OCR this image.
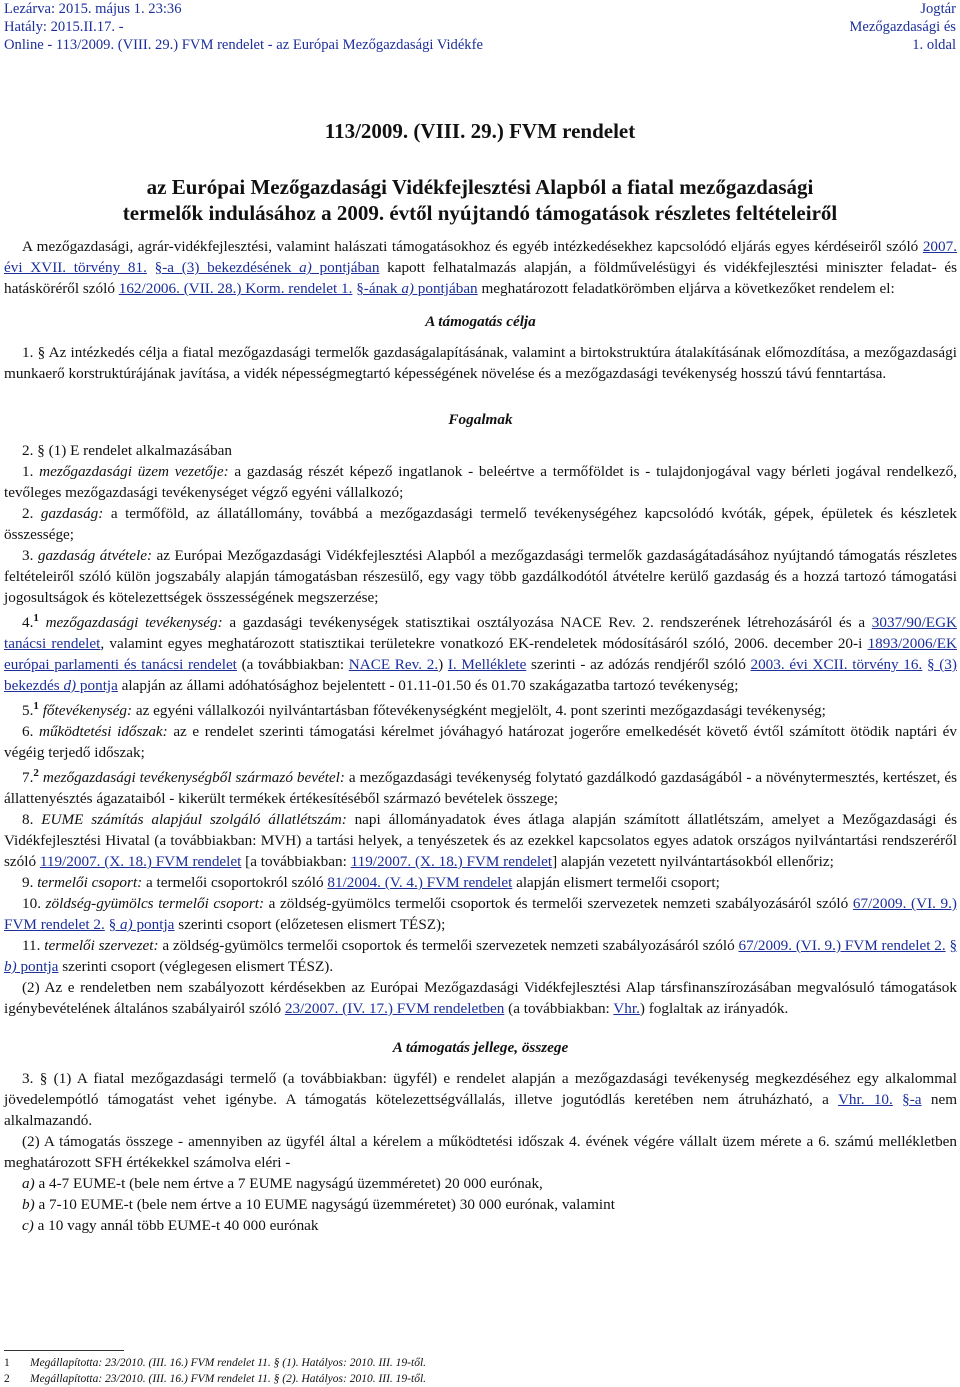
Lezárva: 2015. május 1. 23:36
Hatály: 2015.II.17. -
Online - 113/2009. (VIII. 29.) FVM rendelet - az Európai Mezőgazdasági Vidékfe
Jogtár
Mezőgazdasági és
1. oldal
113/2009. (VIII. 29.) FVM rendelet
az Európai Mezőgazdasági Vidékfejlesztési Alapból a fiatal mezőgazdasági termelők indulásához a 2009. évtől nyújtandó támogatások részletes feltételeiről

A mezőgazdasági, agrár-vidékfejlesztési, valamint halászati támogatásokhoz és egyéb intézkedésekhez kapcsolódó eljárás egyes kérdéseiről szóló 2007. évi XVII. törvény 81. §-a (3) bekezdésének a) pontjában kapott felhatalmazás alapján, a földművelésügyi és vidékfejlesztési miniszter feladat- és hatásköréről szóló 162/2006. (VII. 28.) Korm. rendelet 1. §-ának a) pontjában meghatározott feladatkörömben eljárva a következőket rendelem el:

A támogatás célja

1. § Az intézkedés célja a fiatal mezőgazdasági termelők gazdaságalapításának, valamint a birtokstruktúra átalakításának előmozdítása, a mezőgazdasági munkaerő korstruktúrájának javítása, a vidék népességmegtartó képességének növelése és a mezőgazdasági tevékenység hosszú távú fenntartása.

Fogalmak

2. § (1) E rendelet alkalmazásában

1. mezőgazdasági üzem vezetője: a gazdaság részét képező ingatlanok - beleértve a termőföldet is - tulajdonjogával vagy bérleti jogával rendelkező, tevőleges mezőgazdasági tevékenységet végző egyéni vállalkozó;

2. gazdaság: a termőföld, az állatállomány, továbbá a mezőgazdasági termelő tevékenységéhez kapcsolódó kvóták, gépek, épületek és készletek összessége;

3. gazdaság átvétele: az Európai Mezőgazdasági Vidékfejlesztési Alapból a mezőgazdasági termelők gazdaságátadásához nyújtandó támogatás részletes feltételeiről szóló külön jogszabály alapján támogatásban részesülő, egy vagy több gazdálkodótól átvételre kerülő gazdaság és a hozzá tartozó támogatási jogosultságok és kötelezettségek összességének megszerzése;

4.$^1$ mezőgazdasági tevékenység: a gazdasági tevékenységek statisztikai osztályozása NACE Rev. 2. rendszerének létrehozásáról és a 3037/90/EGK tanácsi rendelet, valamint egyes meghatározott statisztikai területekre vonatkozó EK-rendeletek módosításáról szóló, 2006. december 20-i 1893/2006/EK európai parlamenti és tanácsi rendelet (a továbbiakban: NACE Rev. 2.) I. Melléklete szerinti - az adózás rendjéről szóló 2003. évi XCII. törvény 16. § (3) bekezdés d) pontja alapján az állami adóhatósághoz bejelentett - 01.11-01.50 és 01.70 szakágazatba tartozó tevékenység;

5.$^1$ főtevékenység: az egyéni vállalkozói nyilvántartásban főtevékenységként megjelölt, 4. pont szerinti mezőgazdasági tevékenység;

6. működtetési időszak: az e rendelet szerinti támogatási kérelmet jóváhagyó határozat jogerőre emelkedését követő évtől számított ötödik naptári év végéig terjedő időszak;

7.$^2$ mezőgazdasági tevékenységből származó bevétel: a mezőgazdasági tevékenység folytató gazdálkodó gazdaságából - a növénytermesztés, kertészet, és állattenyésztés ágazataiból - kikerült termékek értékesítéséből származó bevételek összege;

8. EUME számítás alapjául szolgáló állatlétszám: napi állományadatok éves átlaga alapján számított állatlétszám, amelyet a Mezőgazdasági és Vidékfejlesztési Hivatal (a továbbiakban: MVH) a tartási helyek, a tenyészetek és az ezekkel kapcsolatos egyes adatok országos nyilvántartási rendszeréről szóló 119/2007. (X. 18.) FVM rendelet [a továbbiakban: 119/2007. (X. 18.) FVM rendelet] alapján vezetett nyilvántartásokból ellenőriz;

9. termelői csoport: a termelői csoportokról szóló 81/2004. (V. 4.) FVM rendelet alapján elismert termelői csoport;

10. zöldség-gyümölcs termelői csoport: a zöldség-gyümölcs termelői csoportok és termelői szervezetek nemzeti szabályozásáról szóló 67/2009. (VI. 9.) FVM rendelet 2. § a) pontja szerinti csoport (előzetesen elismert TÉSZ);

11. termelői szervezet: a zöldség-gyümölcs termelői csoportok és termelői szervezetek nemzeti szabályozásáról szóló 67/2009. (VI. 9.) FVM rendelet 2. § b) pontja szerinti csoport (véglegesen elismert TÉSZ).

(2) Az e rendeletben nem szabályozott kérdésekben az Európai Mezőgazdasági Vidékfejlesztési Alap társfinanszírozásában megvalósuló támogatások igénybevételének általános szabályairól szóló 23/2007. (IV. 17.) FVM rendeletben (a továbbiakban: Vhr.) foglaltak az irányadók.

A támogatás jellege, összege

3. § (1) A fiatal mezőgazdasági termelő (a továbbiakban: ügyfél) e rendelet alapján a mezőgazdasági tevékenység megkezdéséhez egy alkalommal jövedelempótló támogatást vehet igénybe. A támogatás kötelezettségvállalás, illetve jogutódlás keretében nem átruházható, a Vhr. 10. §-a nem alkalmazandó.

(2) A támogatás összege - amennyiben az ügyfél által a kérelem a működtetési időszak 4. évének végére vállalt üzem mérete a 6. számú mellékletben meghatározott SFH értékekkel számolva eléri -

a) a 4-7 EUME-t (bele nem értve a 7 EUME nagyságú üzemméretet) 20 000 eurónak,

b) a 7-10 EUME-t (bele nem értve a 10 EUME nagyságú üzemméretet) 30 000 eurónak, valamint

c) a 10 vagy annál több EUME-t 40 000 eurónak

1 Megállapította: 23/2010. (III. 16.) FVM rendelet 11. § (1). Hatályos: 2010. III. 19-től.
2 Megállapította: 23/2010. (III. 16.) FVM rendelet 11. § (2). Hatályos: 2010. III. 19-től.
